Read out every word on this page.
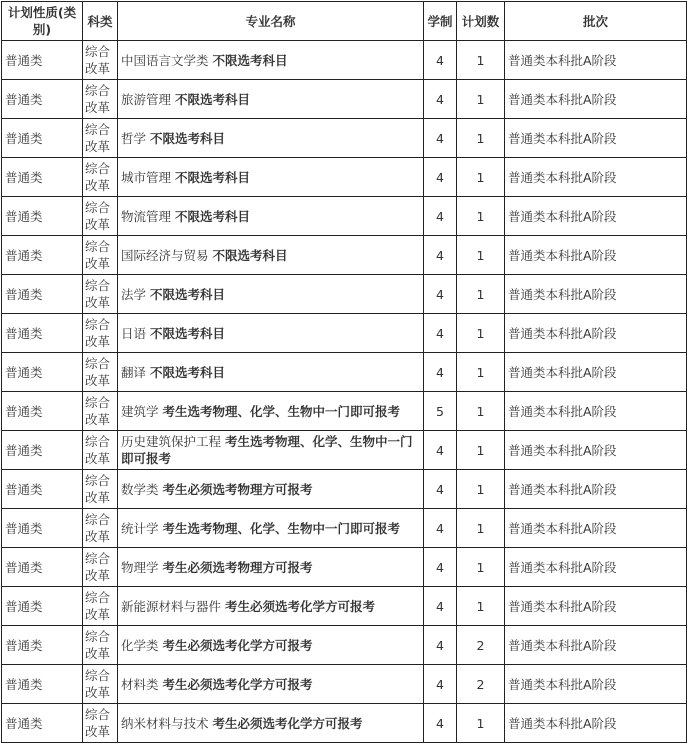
计划性质(类别)	科类	专业名称	学制	计划数	批次
普通类	综合改革	中国语言文学类 不限选考科目	4	1	普通类本科批A阶段
普通类	综合改革	旅游管理 不限选考科目	4	1	普通类本科批A阶段
普通类	综合改革	哲学 不限选考科目	4	1	普通类本科批A阶段
普通类	综合改革	城市管理 不限选考科目	4	1	普通类本科批A阶段
普通类	综合改革	物流管理 不限选考科目	4	1	普通类本科批A阶段
普通类	综合改革	国际经济与贸易 不限选考科目	4	1	普通类本科批A阶段
普通类	综合改革	法学 不限选考科目	4	1	普通类本科批A阶段
普通类	综合改革	日语 不限选考科目	4	1	普通类本科批A阶段
普通类	综合改革	翻译 不限选考科目	4	1	普通类本科批A阶段
普通类	综合改革	建筑学 考生选考物理、化学、生物中一门即可报考	5	1	普通类本科批A阶段
普通类	综合改革	历史建筑保护工程 考生选考物理、化学、生物中一门即可报考	4	1	普通类本科批A阶段
普通类	综合改革	数学类 考生必须选考物理方可报考	4	1	普通类本科批A阶段
普通类	综合改革	统计学 考生选考物理、化学、生物中一门即可报考	4	1	普通类本科批A阶段
普通类	综合改革	物理学 考生必须选考物理方可报考	4	1	普通类本科批A阶段
普通类	综合改革	新能源材料与器件 考生必须选考化学方可报考	4	1	普通类本科批A阶段
普通类	综合改革	化学类 考生必须选考化学方可报考	4	2	普通类本科批A阶段
普通类	综合改革	材料类 考生必须选考化学方可报考	4	2	普通类本科批A阶段
普通类	综合改革	纳米材料与技术 考生必须选考化学方可报考	4	1	普通类本科批A阶段
